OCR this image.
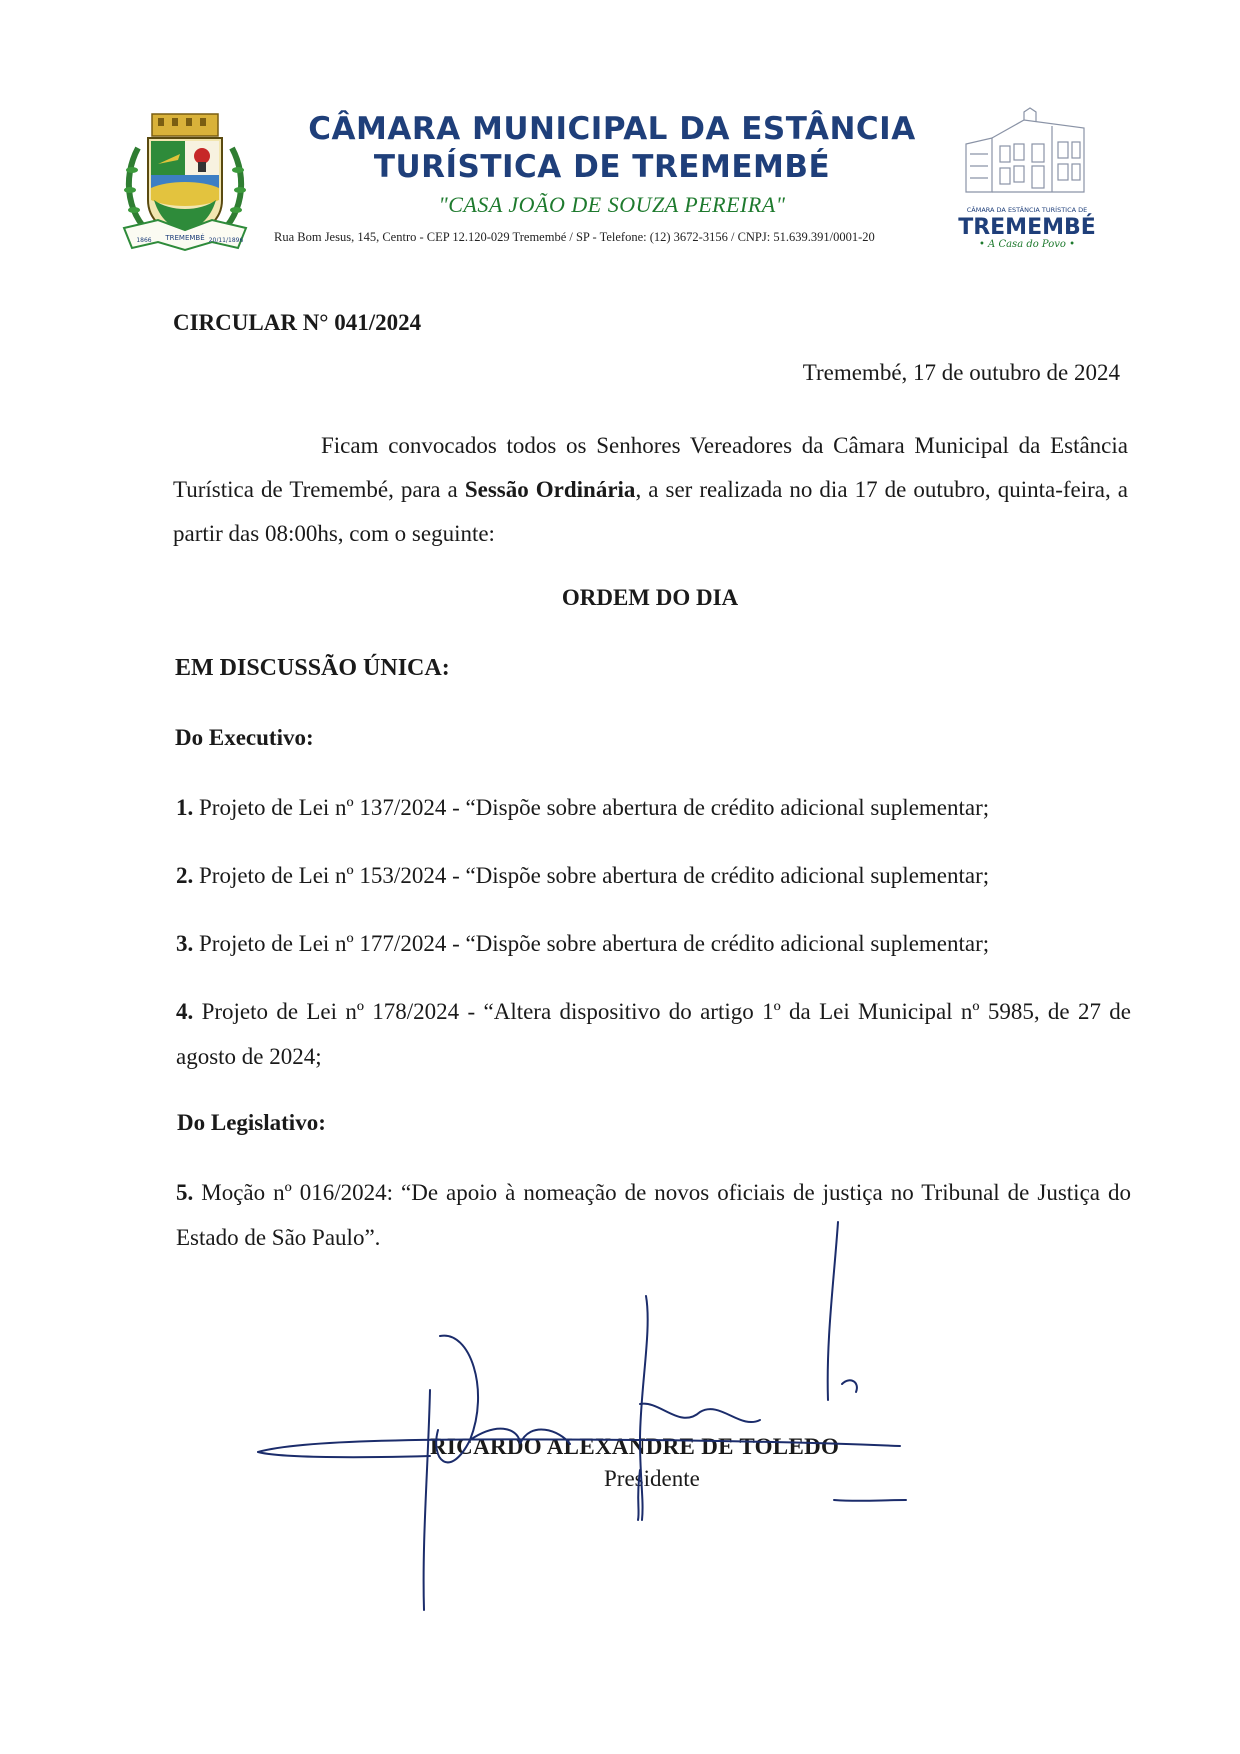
TREMEMBÉ
1866	20/11/1896
CÂMARA MUNICIPAL DA ESTÂNCIA
TURÍSTICA DE TREMEMBÉ
"CASA JOÃO DE SOUZA PEREIRA"
Rua Bom Jesus, 145, Centro - CEP 12.120-029 Tremembé / SP - Telefone: (12) 3672-3156 / CNPJ: 51.639.391/0001-20
CÂMARA DA ESTÂNCIA TURÍSTICA DE
TREMEMBÉ
• A Casa do Povo •
CIRCULAR N° 041/2024
Tremembé, 17 de outubro de 2024
Ficam convocados todos os Senhores Vereadores da Câmara Municipal da Estância Turística de Tremembé, para a Sessão Ordinária, a ser realizada no dia 17 de outubro, quinta-feira, a partir das 08:00hs, com o seguinte:
ORDEM DO DIA
EM DISCUSSÃO ÚNICA:
Do Executivo:
1. Projeto de Lei nº 137/2024 - “Dispõe sobre abertura de crédito adicional suplementar;
2. Projeto de Lei nº 153/2024 - “Dispõe sobre abertura de crédito adicional suplementar;
3. Projeto de Lei nº 177/2024 - “Dispõe sobre abertura de crédito adicional suplementar;
4. Projeto de Lei nº 178/2024 - “Altera dispositivo do artigo 1º da Lei Municipal nº 5985, de 27 de agosto de 2024;
Do Legislativo:
5. Moção nº 016/2024: “De apoio à nomeação de novos oficiais de justiça no Tribunal de Justiça do Estado de São Paulo”.
RICARDO ALEXANDRE DE TOLEDO
Presidente
